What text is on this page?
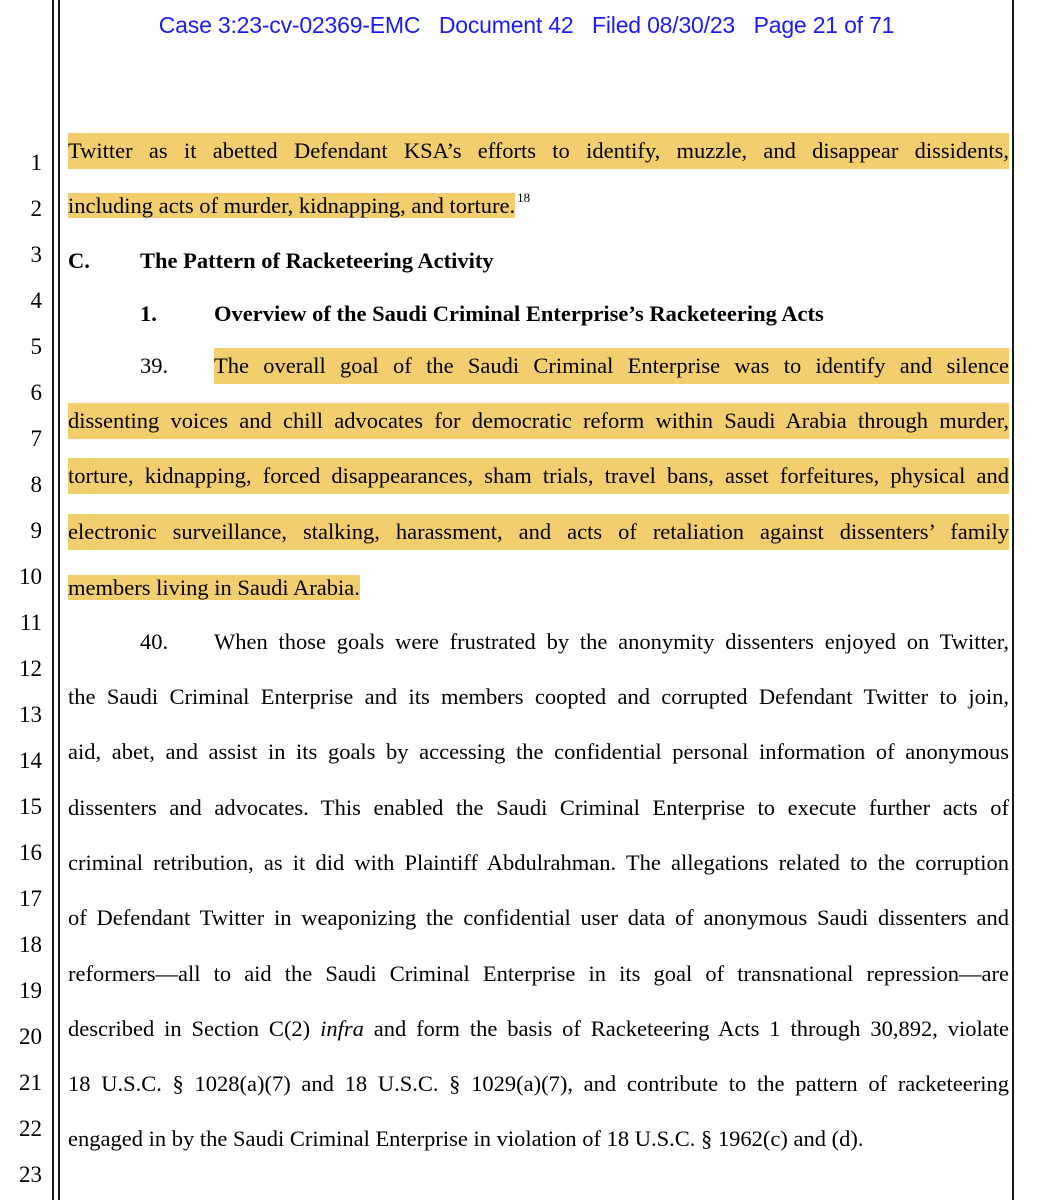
Case 3:23-cv-02369-EMC Document 42 Filed 08/30/23 Page 21 of 71
1
2
3
4
5
6
7
8
9
10
11
12
13
14
15
16
17
18
19
20
21
22
23
Twitter as it abetted Defendant KSA’s efforts to identify, muzzle, and disappear dissidents,
including acts of murder, kidnapping, and torture. $^{18}$
C. The Pattern of Racketeering Activity
1.	Overview of the Saudi Criminal Enterprise’s Racketeering Acts
39. The overall goal of the Saudi Criminal Enterprise was to identify and silence
dissenting voices and chill advocates for democratic reform within Saudi Arabia through murder,
torture, kidnapping, forced disappearances, sham trials, travel bans, asset forfeitures, physical and
electronic surveillance, stalking, harassment, and acts of retaliation against dissenters’ family
members living in Saudi Arabia.
40. When those goals were frustrated by the anonymity dissenters enjoyed on Twitter,
the Saudi Criminal Enterprise and its members coopted and corrupted Defendant Twitter to join,
aid, abet, and assist in its goals by accessing the confidential personal information of anonymous
dissenters and advocates. This enabled the Saudi Criminal Enterprise to execute further acts of
criminal retribution, as it did with Plaintiff Abdulrahman. The allegations related to the corruption
of Defendant Twitter in weaponizing the confidential user data of anonymous Saudi dissenters and
reformers—all to aid the Saudi Criminal Enterprise in its goal of transnational repression—are
described in Section C(2) infra and form the basis of Racketeering Acts 1 through 30,892, violate
18 U.S.C. § 1028(a)(7) and 18 U.S.C. § 1029(a)(7), and contribute to the pattern of racketeering
engaged in by the Saudi Criminal Enterprise in violation of 18 U.S.C. § 1962(c) and (d).
